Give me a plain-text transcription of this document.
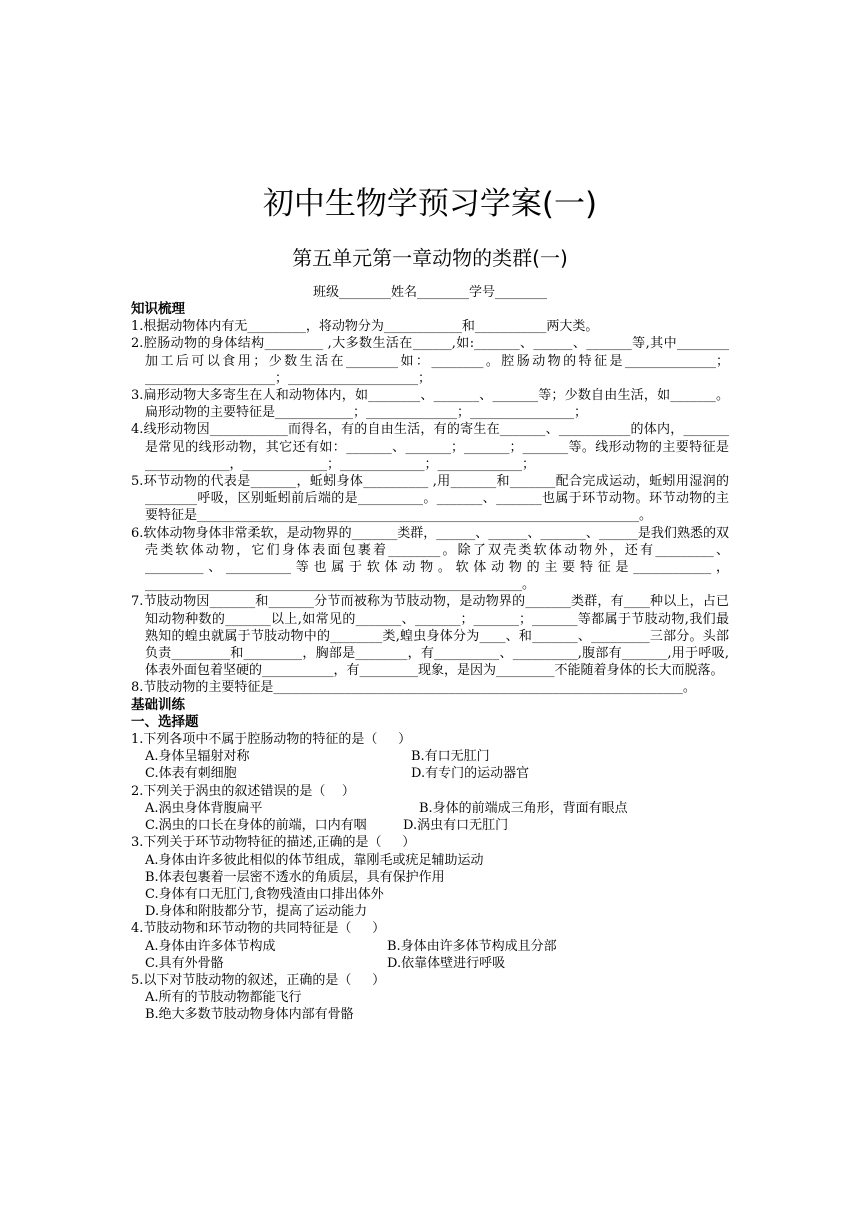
初中生物学预习学案(一)
第五单元第一章动物的类群(一)
班级________姓名________学号________
知识梳理
1.根据动物体内有无_________，将动物分为____________和___________两大类。
2.腔肠动物的身体结构_________ ,大多数生活在______,如:_______、______、_______等,其中________加工后可以食用；少数生活在________如：________。腔肠动物的特征是______________；____________________；____________________；
3.扁形动物大多寄生在人和动物体内，如________、_______、_______等；少数自由生活，如_______。扁形动物的主要特征是____________；______________；________________；
4.线形动物因____________而得名，有的自由生活，有的寄生在_______、___________的体内，_______是常见的线形动物，其它还有如：_______、_______；_______；_______等。线形动物的主要特征是_____________，_____________；_____________；_____________；
5.环节动物的代表是_______，蚯蚓身体__________ ,用_______和_______配合完成运动，蚯蚓用湿润的________呼吸，区别蚯蚓前后端的是__________。_______、_______也属于环节动物。环节动物的主要特征是____________________________________________________________________。
6.软体动物身体非常柔软，是动物界的_______类群，______、______、_______、______是我们熟悉的双壳类软体动物，它们身体表面包裹着________。除了双壳类软体动物外，还有_________、_________、__________等也属于软体动物。软体动物的主要特征是____________，__________________________________________________________。
7.节肢动物因_______和_______分节而被称为节肢动物，是动物界的_______类群，有____种以上，占已知动物种数的_______以上,如常见的_______、_______；_______；_______等都属于节肢动物,我们最熟知的蝗虫就属于节肢动物中的________类,蝗虫身体分为____、和_______、_________三部分。头部负责_________和_________，胸部是________，有__________、__________,腹部有_______,用于呼吸,体表外面包着坚硬的___________，有_________现象，是因为_________不能随着身体的长大而脱落。
8.节肢动物的主要特征是_______________________________________________________________。
基础训练
一、选择题
1.下列各项中不属于腔肠动物的特征的是（     ）
A.身体呈辐射对称	B.有口无肛门
C.体表有刺细胞	D.有专门的运动器官
2.下列关于涡虫的叙述错误的是（    ）
A.涡虫身体背腹扁平	B.身体的前端成三角形，背面有眼点
C.涡虫的口长在身体的前端，口内有咽	D.涡虫有口无肛门
3.下列关于环节动物特征的描述,正确的是（     ）
A.身体由许多彼此相似的体节组成，靠刚毛或疣足辅助运动
B.体表包裹着一层密不透水的角质层，具有保护作用
C.身体有口无肛门,食物残渣由口排出体外
D.身体和附肢都分节，提高了运动能力
4.节肢动物和环节动物的共同特征是（     ）
A.身体由许多体节构成	B.身体由许多体节构成且分部
C.具有外骨骼	D.依靠体壁进行呼吸
5.以下对节肢动物的叙述，正确的是（     ）
A.所有的节肢动物都能飞行
B.绝大多数节肢动物身体内部有骨骼
